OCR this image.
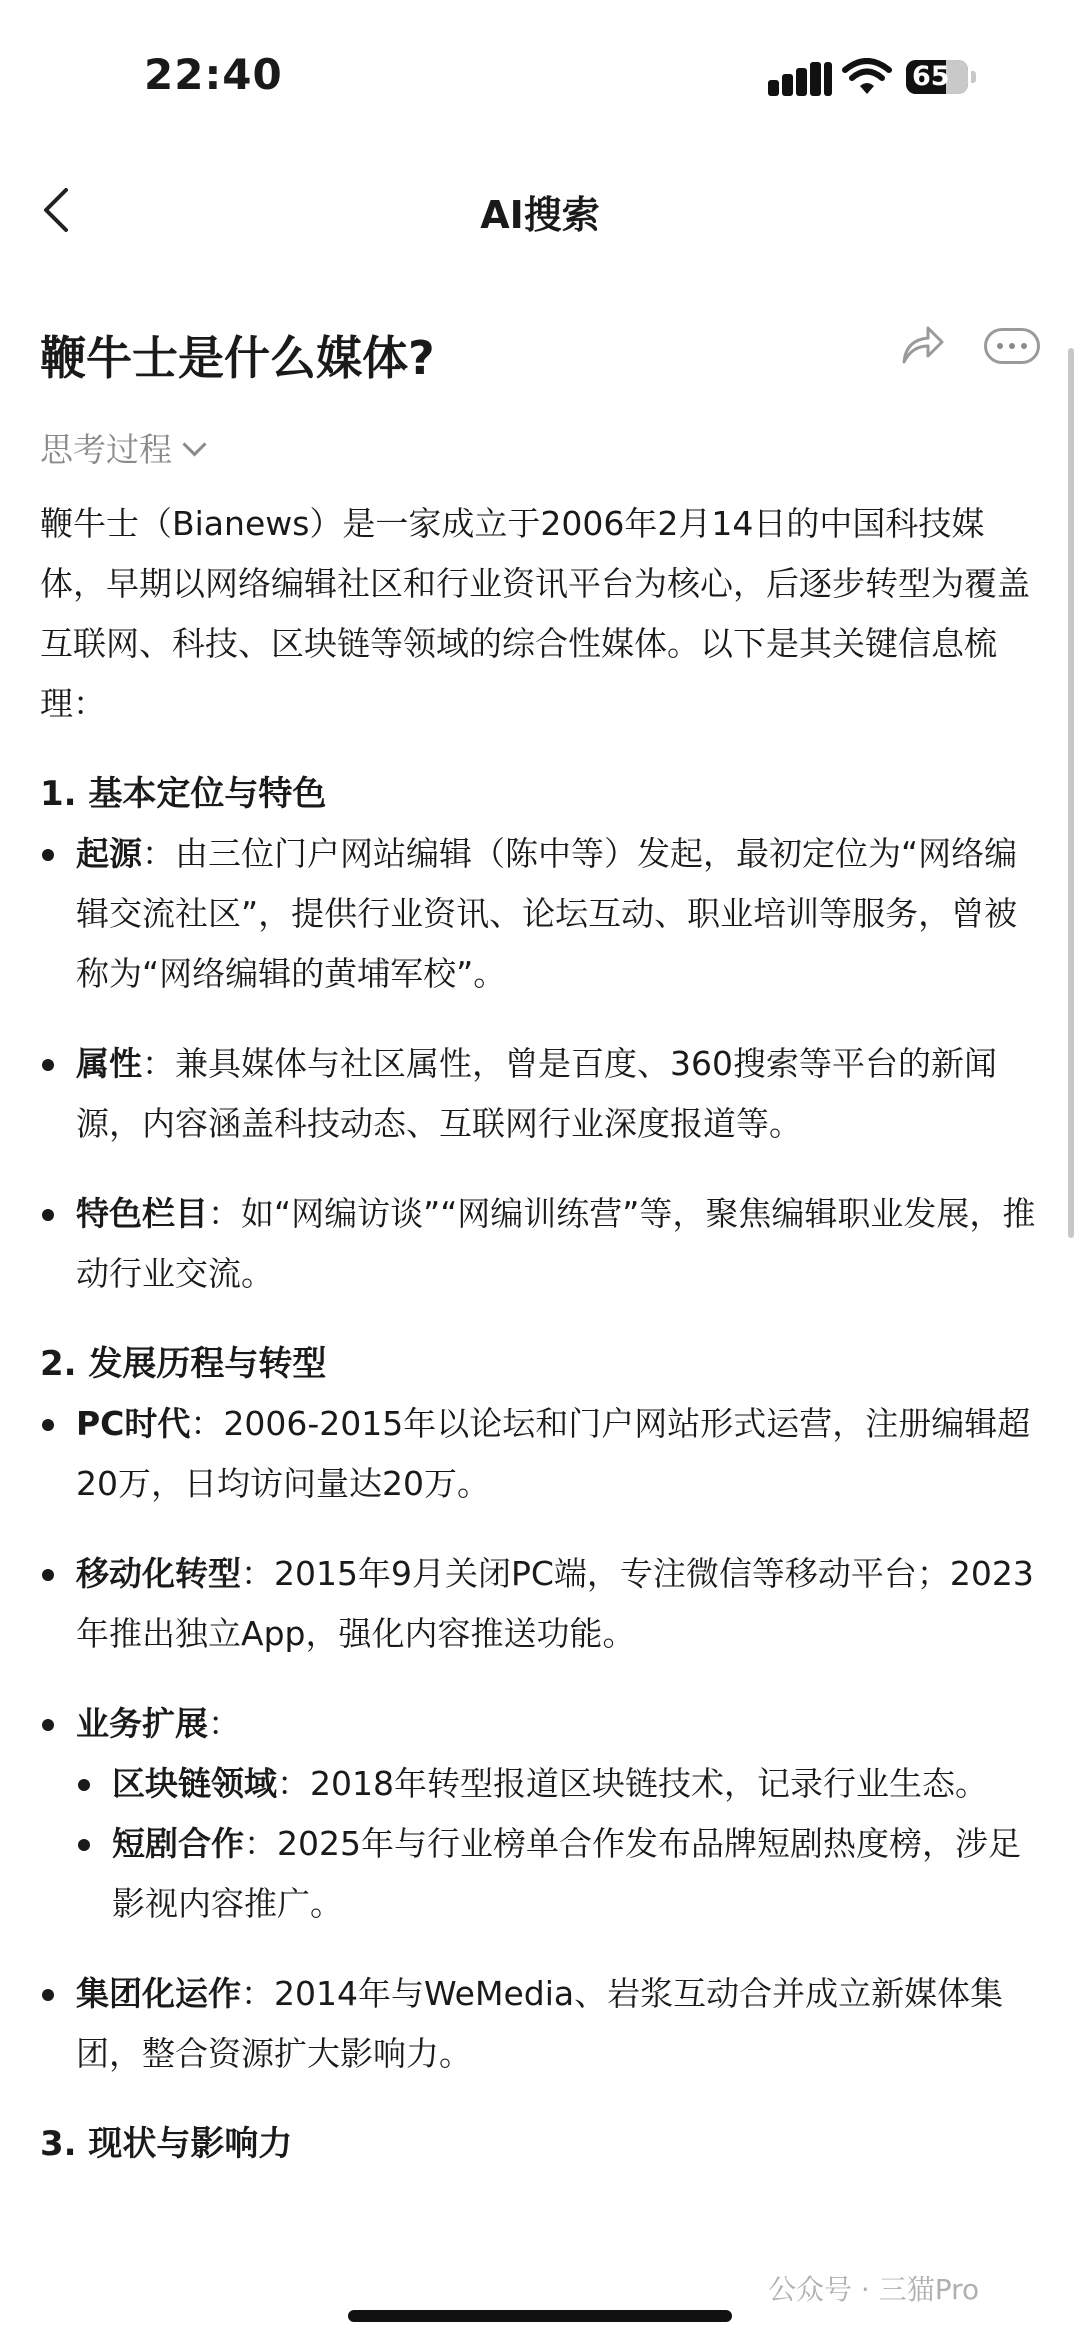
22:40	65
AI搜索
鞭牛士是什么媒体?
思考过程

鞭牛士（Bianews）是一家成立于2006年2月14日的中国科技媒体，早期以网络编辑社区和行业资讯平台为核心，后逐步转型为覆盖互联网、科技、区块链等领域的综合性媒体。以下是其关键信息梳理：

1. 基本定位与特色

起源：由三位门户网站编辑（陈中等）发起，最初定位为“网络编辑交流社区”，提供行业资讯、论坛互动、职业培训等服务，曾被称为“网络编辑的黄埔军校”。
属性：兼具媒体与社区属性，曾是百度、360搜索等平台的新闻源，内容涵盖科技动态、互联网行业深度报道等。
特色栏目：如“网编访谈”“网编训练营”等，聚焦编辑职业发展，推动行业交流。

2. 发展历程与转型

PC时代：2006-2015年以论坛和门户网站形式运营，注册编辑超20万，日均访问量达20万。
移动化转型：2015年9月关闭PC端，专注微信等移动平台；2023年推出独立App，强化内容推送功能。
业务扩展：
区块链领域：2018年转型报道区块链技术，记录行业生态。
短剧合作：2025年与行业榜单合作发布品牌短剧热度榜，涉足影视内容推广。
集团化运作：2014年与WeMedia、岩浆互动合并成立新媒体集团，整合资源扩大影响力。

3. 现状与影响力

公众号 · 三猫Pro
